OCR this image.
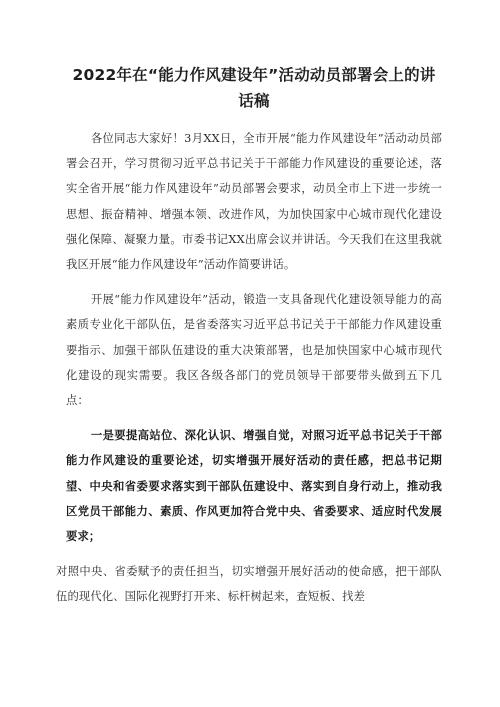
2022年在“能力作风建设年”活动动员部署会上的讲话稿

各位同志大家好！3月XX日，全市开展“能力作风建设年”活动动员部署会召开，学习贯彻习近平总书记关于干部能力作风建设的重要论述，落实全省开展“能力作风建设年”动员部署会要求，动员全市上下进一步统一思想、振奋精神、增强本领、改进作风，为加快国家中心城市现代化建设强化保障、凝聚力量。市委书记XX出席会议并讲话。今天我们在这里我就我区开展“能力作风建设年”活动作简要讲话。

开展“能力作风建设年”活动，锻造一支具备现代化建设领导能力的高素质专业化干部队伍，是省委落实习近平总书记关于干部能力作风建设重要指示、加强干部队伍建设的重大决策部署，也是加快国家中心城市现代化建设的现实需要。我区各级各部门的党员领导干部要带头做到五下几点：

一是要提高站位、深化认识、增强自觉，对照习近平总书记关于干部能力作风建设的重要论述，切实增强开展好活动的责任感，把总书记期望、中央和省委要求落实到干部队伍建设中、落实到自身行动上，推动我区党员干部能力、素质、作风更加符合党中央、省委要求、适应时代发展要求；

对照中央、省委赋予的责任担当，切实增强开展好活动的使命感，把干部队伍的现代化、国际化视野打开来、标杆树起来，查短板、找差
